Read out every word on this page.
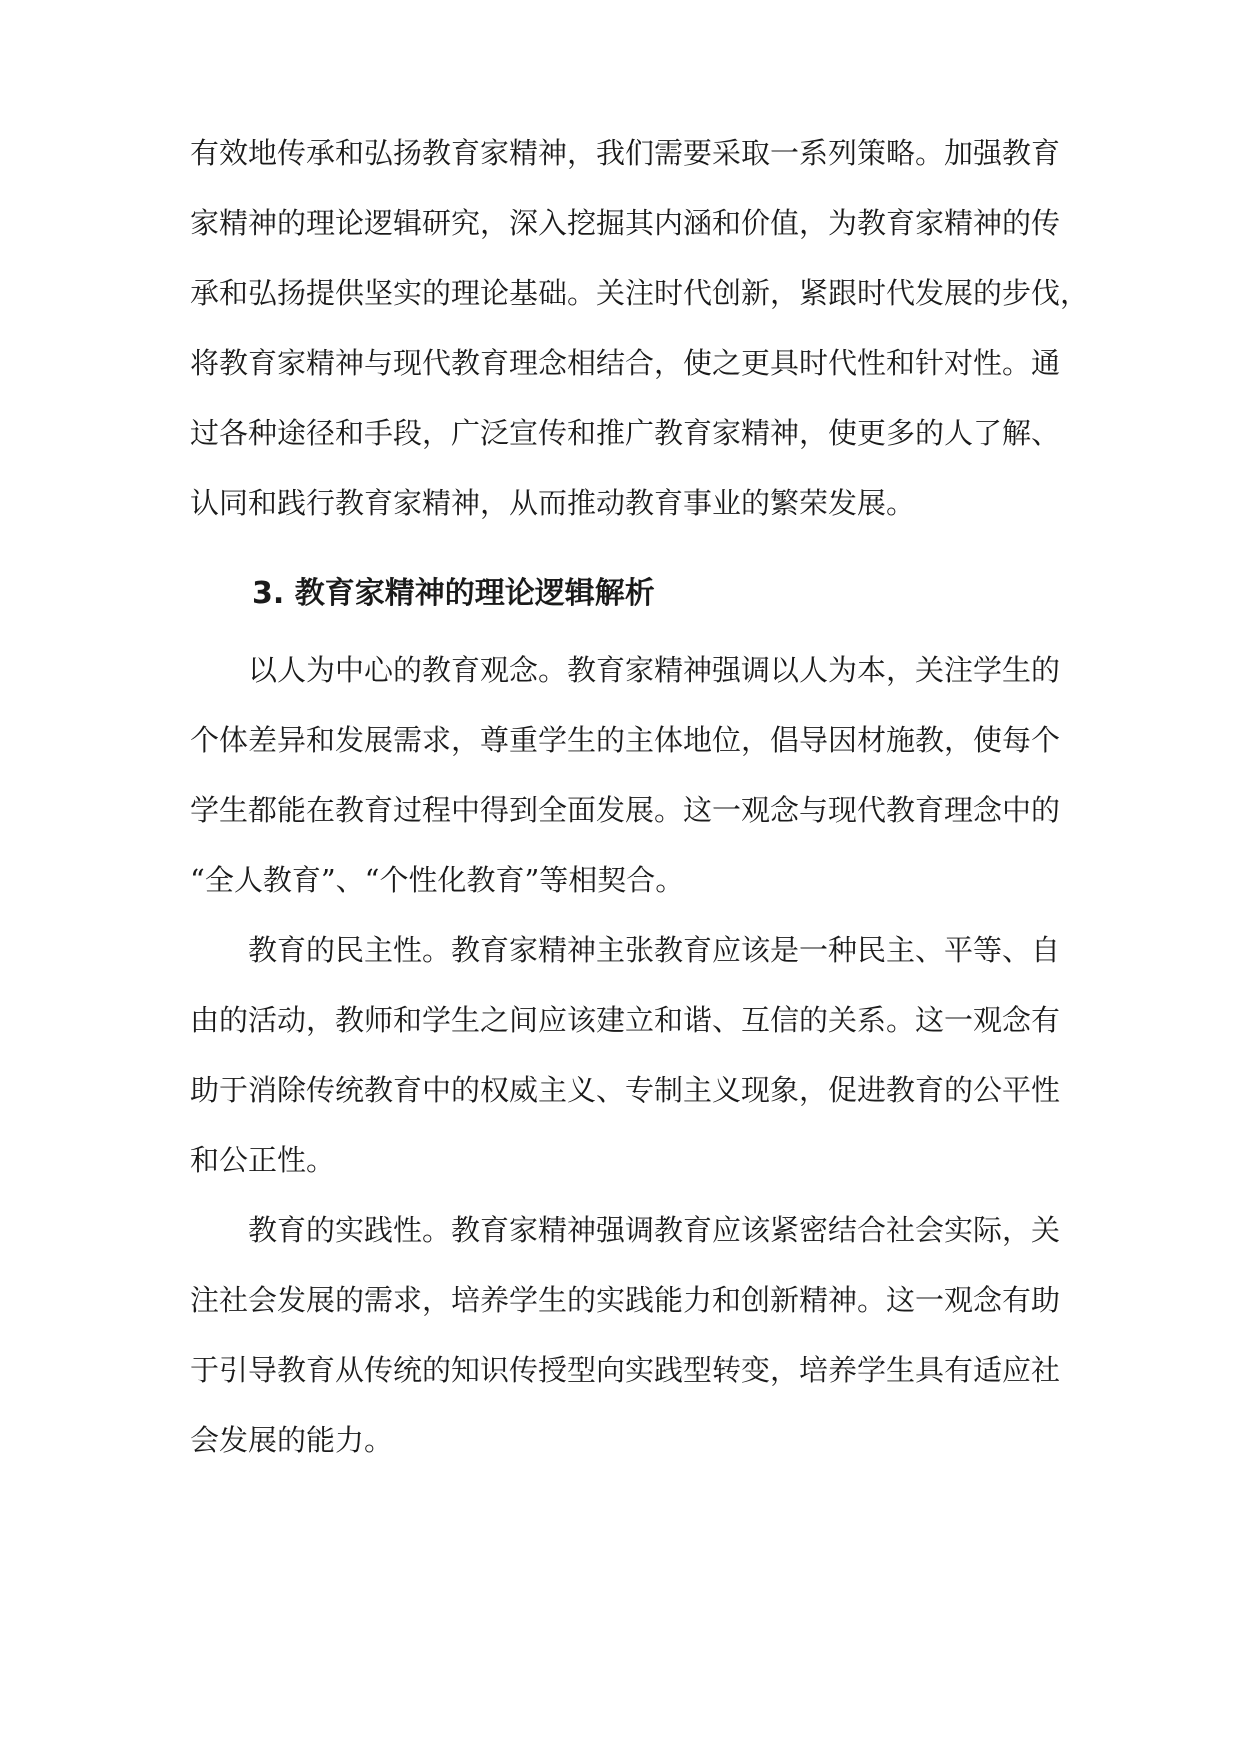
有效地传承和弘扬教育家精神，我们需要采取一系列策略。加强教育
家精神的理论逻辑研究，深入挖掘其内涵和价值，为教育家精神的传
承和弘扬提供坚实的理论基础。关注时代创新，紧跟时代发展的步伐，
将教育家精神与现代教育理念相结合，使之更具时代性和针对性。通
过各种途径和手段，广泛宣传和推广教育家精神，使更多的人了解、
认同和践行教育家精神，从而推动教育事业的繁荣发展。
3. 教育家精神的理论逻辑解析
以人为中心的教育观念。教育家精神强调以人为本，关注学生的
个体差异和发展需求，尊重学生的主体地位，倡导因材施教，使每个
学生都能在教育过程中得到全面发展。这一观念与现代教育理念中的
“全人教育”、“个性化教育”等相契合。
教育的民主性。教育家精神主张教育应该是一种民主、平等、自
由的活动，教师和学生之间应该建立和谐、互信的关系。这一观念有
助于消除传统教育中的权威主义、专制主义现象，促进教育的公平性
和公正性。
教育的实践性。教育家精神强调教育应该紧密结合社会实际，关
注社会发展的需求，培养学生的实践能力和创新精神。这一观念有助
于引导教育从传统的知识传授型向实践型转变，培养学生具有适应社
会发展的能力。
